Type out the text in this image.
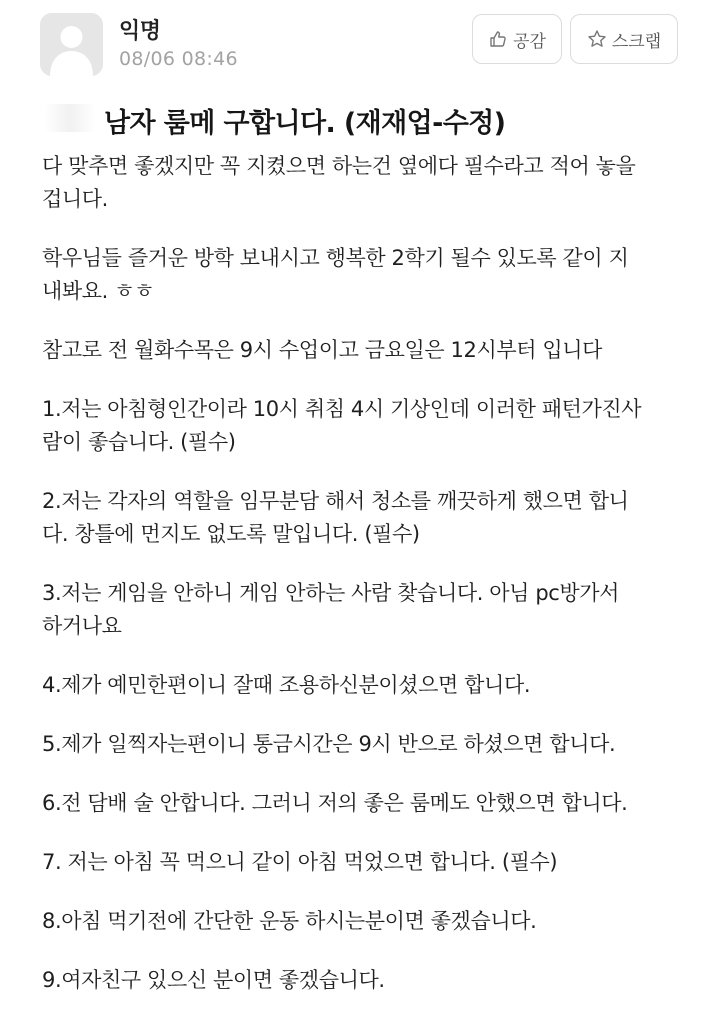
익명
08/06 08:46
공감	스크랩
남자 룸메 구합니다. (재재업-수정)

다 맞추면 좋겠지만 꼭 지켰으면 하는건 옆에다 필수라고 적어 놓을
겁니다.

학우님들 즐거운 방학 보내시고 행복한 2학기 될수 있도록 같이 지
내봐요. ㅎㅎ

참고로 전 월화수목은 9시 수업이고 금요일은 12시부터 입니다

1.저는 아침형인간이라 10시 취침 4시 기상인데 이러한 패턴가진사
람이 좋습니다. (필수)

2.저는 각자의 역할을 임무분담 해서 청소를 깨끗하게 했으면 합니
다. 창틀에 먼지도 없도록 말입니다. (필수)

3.저는 게임을 안하니 게임 안하는 사람 찾습니다. 아님 pc방가서
하거나요

4.제가 예민한편이니 잘때 조용하신분이셨으면 합니다.

5.제가 일찍자는편이니 통금시간은 9시 반으로 하셨으면 합니다.

6.전 담배 술 안합니다. 그러니 저의 좋은 룸메도 안했으면 합니다.

7. 저는 아침 꼭 먹으니 같이 아침 먹었으면 합니다. (필수)

8.아침 먹기전에 간단한 운동 하시는분이면 좋겠습니다.

9.여자친구 있으신 분이면 좋겠습니다.
